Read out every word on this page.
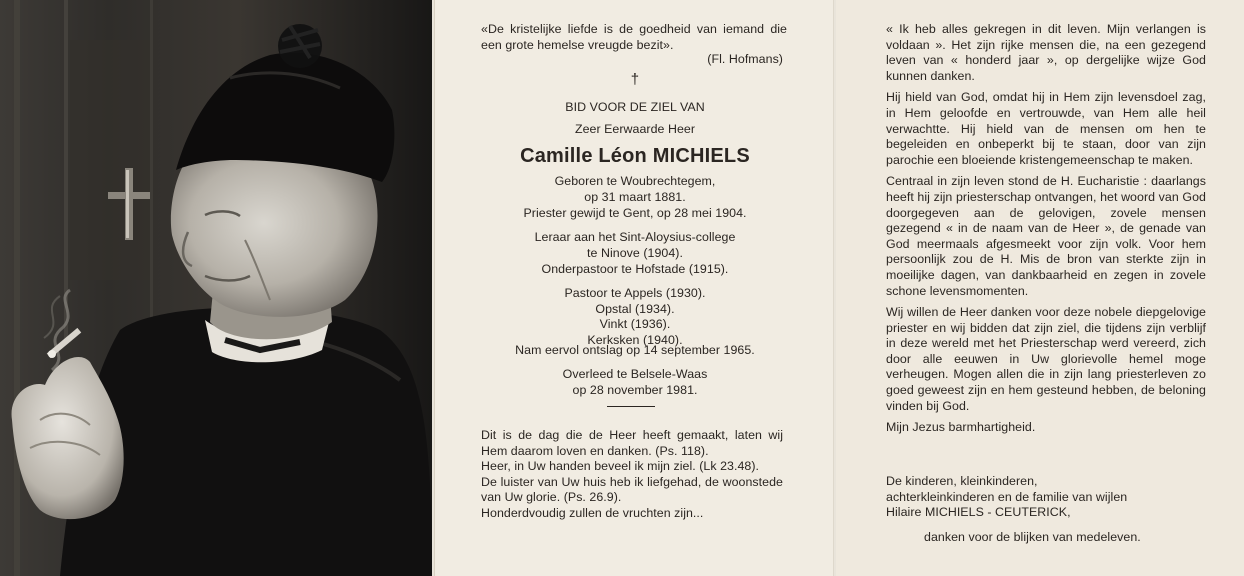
«De kristelijke liefde is de goedheid van iemand die een grote hemelse vreugde bezit».
(Fl. Hofmans)
†
BID VOOR DE ZIEL VAN
Zeer Eerwaarde Heer
Camille Léon MICHIELS
Geboren te Woubrechtegem,
op 31 maart 1881.
Priester gewijd te Gent, op 28 mei 1904.
Leraar aan het Sint-Aloysius-college
te Ninove (1904).
Onderpastoor te Hofstade (1915).
Pastoor te Appels (1930).
Opstal (1934).
Vinkt (1936).
Kerksken (1940).
Nam eervol ontslag op 14 september 1965.
Overleed te Belsele-Waas
op 28 november 1981.
Dit is de dag die de Heer heeft gemaakt, laten wij Hem daarom loven en danken. (Ps. 118).
Heer, in Uw handen beveel ik mijn ziel. (Lk 23.48).
De luister van Uw huis heb ik liefgehad, de woonstede van Uw glorie. (Ps. 26.9).
Honderdvoudig zullen de vruchten zijn...

« Ik heb alles gekregen in dit leven. Mijn verlangen is voldaan ». Het zijn rijke mensen die, na een gezegend leven van « honderd jaar », op dergelijke wijze God kunnen danken.

Hij hield van God, omdat hij in Hem zijn levensdoel zag, in Hem geloofde en vertrouwde, van Hem alle heil verwachtte. Hij hield van de mensen om hen te begeleiden en onbeperkt bij te staan, door van zijn parochie een bloeiende kristengemeenschap te maken.

Centraal in zijn leven stond de H. Eucharistie : daarlangs heeft hij zijn priesterschap ontvangen, het woord van God doorgegeven aan de gelovigen, zovele mensen gezegend « in de naam van de Heer », de genade van God meermaals afgesmeekt voor zijn volk. Voor hem persoonlijk zou de H. Mis de bron van sterkte zijn in moeilijke dagen, van dankbaarheid en zegen in zovele schone levensmomenten.

Wij willen de Heer danken voor deze nobele diepgelovige priester en wij bidden dat zijn ziel, die tijdens zijn verblijf in deze wereld met het Priesterschap werd vereerd, zich door alle eeuwen in Uw glorievolle hemel moge verheugen. Mogen allen die in zijn lang priesterleven zo goed geweest zijn en hem gesteund hebben, de beloning vinden bij God.

Mijn Jezus barmhartigheid.

De kinderen, kleinkinderen,
achterkleinkinderen en de familie van wijlen
Hilaire MICHIELS - CEUTERICK,
danken voor de blijken van medeleven.
